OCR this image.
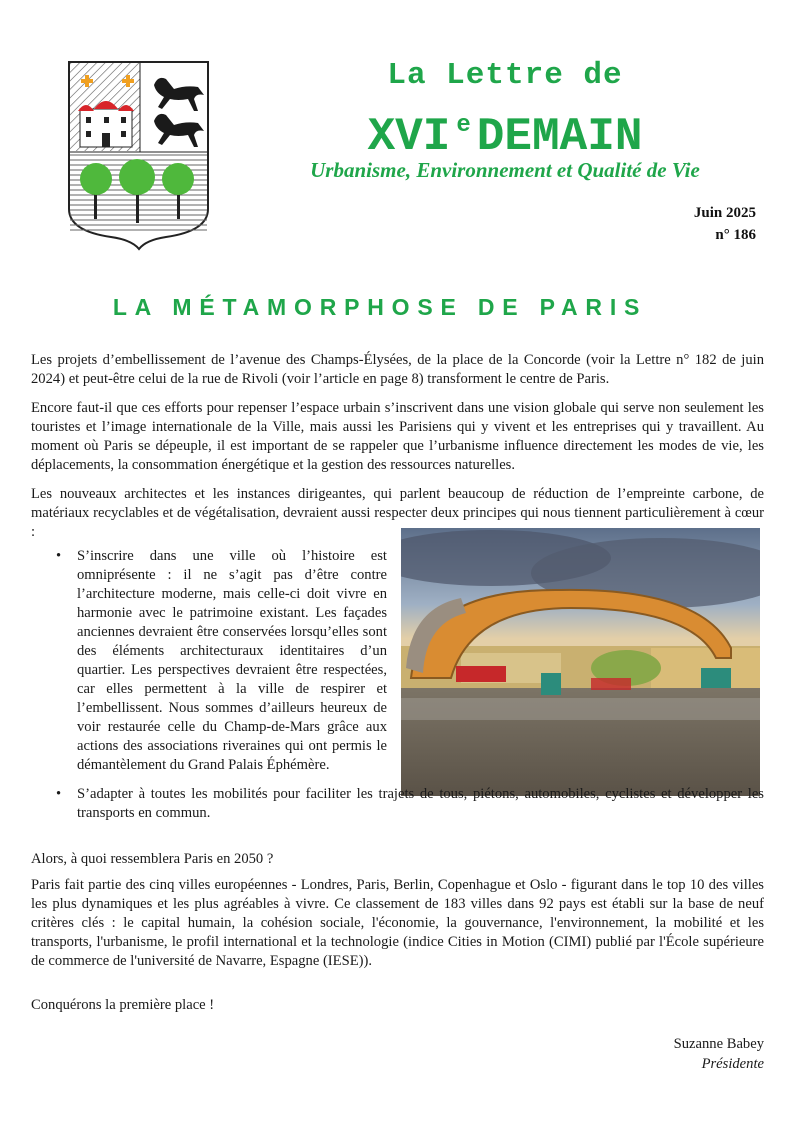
La Lettre de
XVI $^e$ DEMAIN
Urbanisme, Environnement et Qualité de Vie
Juin 2025
n° 186
LA MÉTAMORPHOSE DE PARIS

Les projets d’embellissement de l’avenue des Champs-Élysées, de la place de la Concorde (voir la Lettre n° 182 de juin 2024) et peut-être celui de la rue de Rivoli (voir l’article en page 8) transforment le centre de Paris.

Encore faut-il que ces efforts pour repenser l’espace urbain s’inscrivent dans une vision globale qui serve non seulement les touristes et l’image internationale de la Ville, mais aussi les Parisiens qui y vivent et les entreprises qui y travaillent. Au moment où Paris se dépeuple, il est important de se rappeler que l’urbanisme influence directement les modes de vie, les déplacements, la consommation énergétique et la gestion des ressources naturelles.

Les nouveaux architectes et les instances dirigeantes, qui parlent beaucoup de réduction de l’empreinte carbone, de matériaux recyclables et de végétalisation, devraient aussi respecter deux principes qui nous tiennent particulièrement à cœur :

• S’inscrire dans une ville où l’histoire est omniprésente : il ne s’agit pas d’être contre l’architecture moderne, mais celle-ci doit vivre en harmonie avec le patrimoine existant. Les façades anciennes devraient être conservées lorsqu’elles sont des éléments architecturaux identitaires d’un quartier. Les perspectives devraient être respectées, car elles permettent à la ville de respirer et l’embellissent. Nous sommes d’ailleurs heureux de voir restaurée celle du Champ-de-Mars grâce aux actions des associations riveraines qui ont permis le démantèlement du Grand Palais Éphémère.
• S’adapter à toutes les mobilités pour faciliter les trajets de tous, piétons, automobiles, cyclistes et développer les transports en commun.

Alors, à quoi ressemblera Paris en 2050 ?

Paris fait partie des cinq villes européennes - Londres, Paris, Berlin, Copenhague et Oslo - figurant dans le top 10 des villes les plus dynamiques et les plus agréables à vivre. Ce classement de 183 villes dans 92 pays est établi sur la base de neuf critères clés : le capital humain, la cohésion sociale, l'économie, la gouvernance, l'environnement, la mobilité et les transports, l'urbanisme, le profil international et la technologie (indice Cities in Motion (CIMI) publié par l'École supérieure de commerce de l'université de Navarre, Espagne (IESE)).

Conquérons la première place !

Suzanne Babey
Présidente
